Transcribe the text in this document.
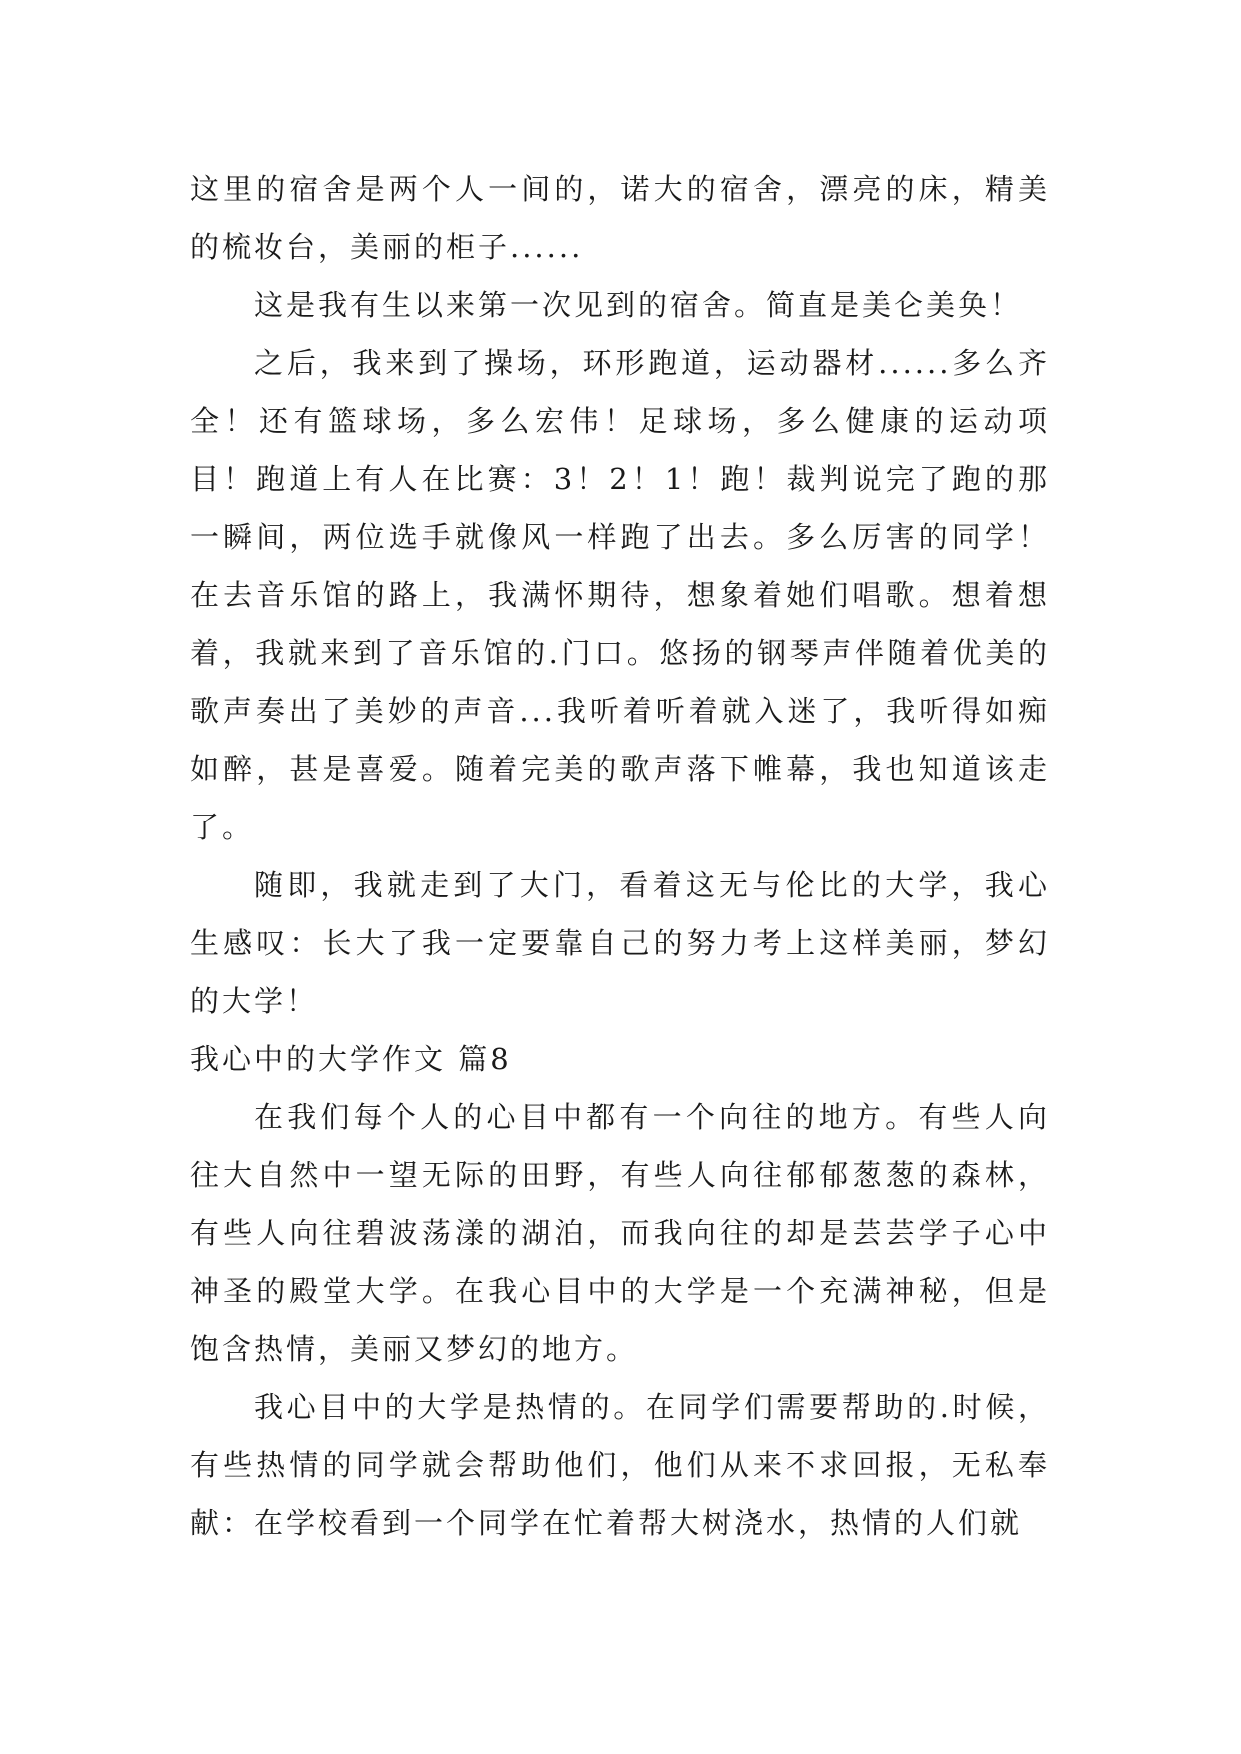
这里的宿舍是两个人一间的，诺大的宿舍，漂亮的床，精美的梳妆台，美丽的柜子......

这是我有生以来第一次见到的宿舍。简直是美仑美奂！

之后，我来到了操场，环形跑道，运动器材......多么齐全！还有篮球场，多么宏伟！足球场，多么健康的运动项目！跑道上有人在比赛：3！2！1！跑！裁判说完了跑的那一瞬间，两位选手就像风一样跑了出去。多么厉害的同学！在去音乐馆的路上，我满怀期待，想象着她们唱歌。想着想着，我就来到了音乐馆的.门口。悠扬的钢琴声伴随着优美的歌声奏出了美妙的声音...我听着听着就入迷了，我听得如痴如醉，甚是喜爱。随着完美的歌声落下帷幕，我也知道该走了。

随即，我就走到了大门，看着这无与伦比的大学，我心生感叹：长大了我一定要靠自己的努力考上这样美丽，梦幻的大学！

我心中的大学作文 篇8

在我们每个人的心目中都有一个向往的地方。有些人向往大自然中一望无际的田野，有些人向往郁郁葱葱的森林，有些人向往碧波荡漾的湖泊，而我向往的却是芸芸学子心中神圣的殿堂大学。在我心目中的大学是一个充满神秘，但是饱含热情，美丽又梦幻的地方。

我心目中的大学是热情的。在同学们需要帮助的.时候，有些热情的同学就会帮助他们，他们从来不求回报，无私奉献：在学校看到一个同学在忙着帮大树浇水，热情的人们就
